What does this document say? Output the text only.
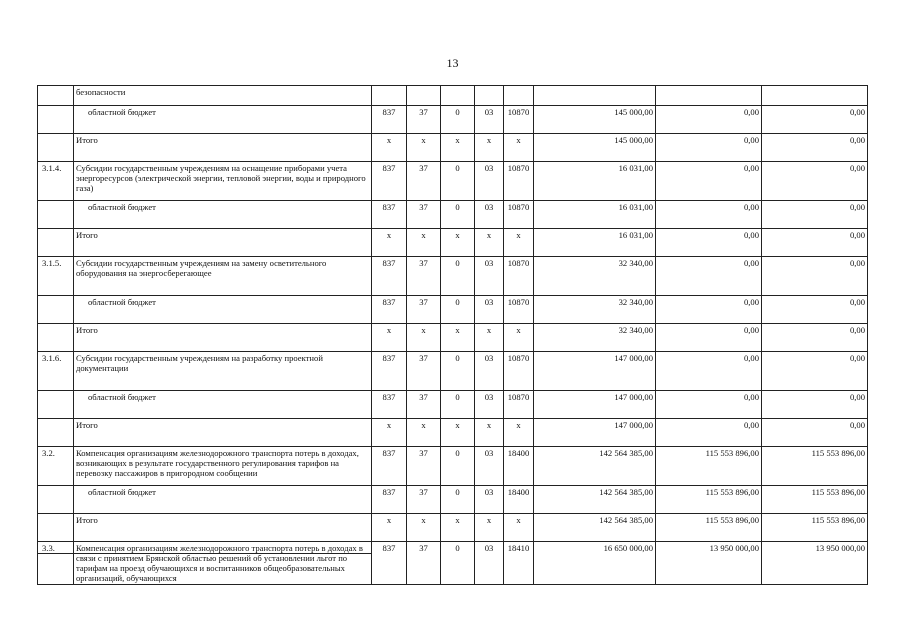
13
	безопасности								
	областной бюджет	837	37	0	03	10870	145 000,00	0,00	0,00
	Итого	x	x	x	x	x	145 000,00	0,00	0,00
3.1.4.	Субсидии государственным учреждениям на оснащение приборами учета энергоресурсов (электрической энергии, тепловой энергии, воды и природного газа)	837	37	0	03	10870	16 031,00	0,00	0,00
	областной бюджет	837	37	0	03	10870	16 031,00	0,00	0,00
	Итого	x	x	x	x	x	16 031,00	0,00	0,00
3.1.5.	Субсидии государственным учреждениям на замену осветительного оборудования на энергосберегающее	837	37	0	03	10870	32 340,00	0,00	0,00
	областной бюджет	837	37	0	03	10870	32 340,00	0,00	0,00
	Итого	x	x	x	x	x	32 340,00	0,00	0,00
3.1.6.	Субсидии государственным учреждениям на разработку проектной документации	837	37	0	03	10870	147 000,00	0,00	0,00
	областной бюджет	837	37	0	03	10870	147 000,00	0,00	0,00
	Итого	x	x	x	x	x	147 000,00	0,00	0,00
3.2.	Компенсация организациям железнодорожного транспорта потерь в доходах, возникающих в результате государственного регулирования тарифов на перевозку пассажиров в пригородном сообщении	837	37	0	03	18400	142 564 385,00	115 553 896,00	115 553 896,00
	областной бюджет	837	37	0	03	18400	142 564 385,00	115 553 896,00	115 553 896,00
	Итого	x	x	x	x	x	142 564 385,00	115 553 896,00	115 553 896,00
3.3.	Компенсация организациям железнодорожного транспорта потерь в доходах в связи с принятием Брянской областью решений об установлении льгот по тарифам на проезд обучающихся и воспитанников общеобразовательных организаций, обучающихся	837	37	0	03	18410	16 650 000,00	13 950 000,00	13 950 000,00
